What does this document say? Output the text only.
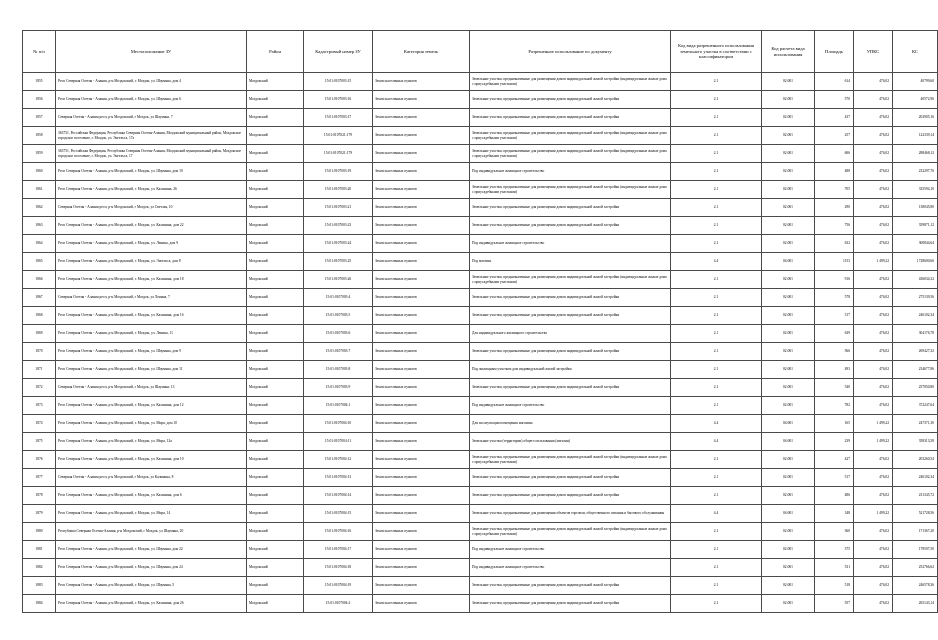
№ п/п	Местоположение ЗУ	Район	Кадастровый номер ЗУ	Категория земель	Разрешенное использование по документу	Код вида разрешенного использования земельного участка в соответствии с классификатором	Код расчета вида использования	Площадь	УПКС	КС

1855	Респ Северная Осетия - Алания, р-н Моздокский, г. Моздок, ул. Шаумяна, дом 4	Моздокский	15:01:0107003:15	Земли населенных пунктов	Земельные участки, предназначенные для размещения домов индивидуальной жилой застройки (индивидуальные жилые дома с приусадебными участками)	2.1	02:001	614	476,02	40799,60

1856	Респ Северная Осетия - Алания, р-н Моздокский, г. Моздок, ул. Шаумяна, дом 6	Моздокский	15:01:0107003:16	Земли населенных пунктов	Земельные участки, предназначенные для размещения домов индивидуальной жилой застройки	2.1	02:001	570	476,02	40572,96

1857	Северная Осетия - Алания респ, р-н Моздокский, г Моздок, ул Шаумяна, 7	Моздокский	15:01:0107003:17	Земли населенных пунктов	Земельные участки, предназначенные для размещения домов индивидуальной жилой застройки	2.1	02:001	437	476,02	202905,16

1858	363751, Российская Федерация, Республика Северная Осетия-Алания, Моздокский муниципальный район, Моздокское городское поселение, г. Моздок, ул. Энгельса, 17а	Моздокский	15:01:0107021:179	Земли населенных пунктов	Земельные участки, предназначенные для размещения домов индивидуальной жилой застройки (индивидуальные жилые дома с приусадебными участками)	2.1	02:001	257	476,02	122339,14

1859	363751, Российская Федерация, Республика Северная Осетия-Алания, Моздокский муниципальный район, Моздокское городское поселение, г. Моздок, ул. Энгельса, 17	Моздокский	15:01:0107021:179	Земли населенных пунктов	Земельные участки, предназначенные для размещения домов индивидуальной жилой застройки (индивидуальные жилые дома с приусадебными участками)	2.1	02:001	606	476,02	288468,12

1860	Респ Северная Осетия - Алания, р-н Моздокский, г. Моздок, ул. Шаумяна, дом 10	Моздокский	15:01:0107003:19	Земли населенных пунктов	Под индивидуальное жилищное строительство	2.1	02:001	488	476,02	232297,76

1861	Респ Северная Осетия - Алания, р-н Моздокский, г. Моздок, ул. Калинина, 26	Моздокский	15:01:0107003:20	Земли населенных пунктов	Земельные участки, предназначенные для размещения домов индивидуальной жилой застройки (индивидуальные жилые дома с приусадебными участками)	2.1	02:001	705	476,02	335594,10

1862	Северная Осетия - Алания респ, р-н Моздокский, г Моздок, ул Светлая, 10	Моздокский	15:01:0107003:21	Земли населенных пунктов	Земельные участки, предназначенные для размещения домов индивидуальной жилой застройки	2.1	02:001	290	476,02	138045,80

1863	Респ Северная Осетия - Алания, р-н Моздокский, г. Моздок, ул. Калинина, дом 22	Моздокский	15:01:0107003:23	Земли населенных пунктов	Земельные участки, предназначенные для размещения домов индивидуальной жилой застройки	2.1	02:001	756	476,02	359871,12

1864	Респ Северная Осетия - Алания, р-н Моздокский, г. Моздок, ул. Ленина, дом 9	Моздокский	15:01:0107003:24	Земли населенных пунктов	Под индивидуальное жилищное строительство	2.1	02:001	632	476,02	300844,64

1865	Респ Северная Осетия - Алания, р-н Моздокский, г. Моздок, ул. Энгельса, дом 8	Моздокский	15:01:0107003:25	Земли населенных пунктов	Под магазин	4.4	04:001	1153	1 499,22	1728600,66

1866	Респ Северная Осетия - Алания, р-н Моздокский, г. Моздок, ул. Калинина, дом 18	Моздокский	15:01:0107003:26	Земли населенных пунктов	Земельные участки, предназначенные для размещения домов индивидуальной жилой застройки (индивидуальные жилые дома с приусадебными участками)	2.1	02:001	916	476,02	436034,32

1867	Северная Осетия - Алания респ, р-н Моздокский, г Моздок, ул Ленина, 7	Моздокский	15:01:0107003:4	Земли населенных пунктов	Земельные участки, предназначенные для размещения домов индивидуальной жилой застройки	2.1	02:001	578	476,02	275139,56

1868	Респ Северная Осетия - Алания, р-н Моздокский, г. Моздок, ул. Калинина, дом 16	Моздокский	15:01:0107003:5	Земли населенных пунктов	Земельные участки, предназначенные для размещения домов индивидуальной жилой застройки	2.1	02:001	517	476,02	246102,34

1869	Респ Северная Осетия - Алания, р-н Моздокский, г. Моздок, ул. Ленина, 11	Моздокский	15:01:0107003:6	Земли населенных пунктов	Для индивидуального жилищного строительства	2.1	02:001	639	476,02	304176,78

1870	Респ Северная Осетия - Алания, р-н Моздокский, г. Моздок, ул. Шаумяна, дом 9	Моздокский	15:01:0107003:7	Земли населенных пунктов	Земельные участки, предназначенные для размещения домов индивидуальной жилой застройки	2.1	02:001	566	476,02	269427,32

1871	Респ Северная Осетия - Алания, р-н Моздокский, г. Моздок, ул. Шаумяна, дом 11	Моздокский	15:01:0107003:8	Земли населенных пунктов	Под жилищным участком дом индивидуальной жилой застройки	2.1	02:001	493	476,02	234677,86

1872	Северная Осетия - Алания респ, р-н Моздокский, г Моздок, ул Шаумяна, 13	Моздокский	15:01:0107003:9	Земли населенных пунктов	Земельные участки, предназначенные для размещения домов индивидуальной жилой застройки	2.1	02:001	540	476,02	257050,80

1873	Респ Северная Осетия - Алания, р-н Моздокский, г. Моздок, ул. Калинина, дом 12	Моздокский	15:01:0107004:1	Земли населенных пунктов	Под индивидуальное жилищное строительство	2.1	02:001	782	476,02	372247,64

1874	Респ Северная Осетия - Алания, р-н Моздокский, г. Моздок, ул. Мира, дом 10	Моздокский	15:01:0107004:10	Земли населенных пунктов	Для эксплуатации помещения магазина	4.4	04:001	165	1 499,22	247371,30

1875	Респ Северная Осетия - Алания, р-н Моздокский, г. Моздок, ул. Мира, 12а	Моздокский	15:01:0107004:11	Земли населенных пунктов	Земельные участки (территории) общего пользования (магазин)	4.4	04:001	239	1 499,22	358313,58

1876	Респ Северная Осетия - Алания, р-н Моздокский, г. Моздок, ул. Калинина, дом 10	Моздокский	15:01:0107004:12	Земли населенных пунктов	Земельные участки, предназначенные для размещения домов индивидуальной жилой застройки (индивидуальные жилые дома с приусадебными участками)	2.1	02:001	427	476,02	203260,54

1877	Северная Осетия - Алания респ, р-н Моздокский, г Моздок, ул Калинина, 8	Моздокский	15:01:0107004:13	Земли населенных пунктов	Земельные участки, предназначенные для размещения домов индивидуальной жилой застройки	2.1	02:001	517	476,02	246102,34

1878	Респ Северная Осетия - Алания, р-н Моздокский, г. Моздок, ул. Калинина, дом 6	Моздокский	15:01:0107004:14	Земли населенных пунктов	Земельные участки, предназначенные для размещения домов индивидуальной жилой застройки	2.1	02:001	486	476,02	231345,72

1879	Респ Северная Осетия - Алания, р-н Моздокский, г. Моздок, ул. Мира, 14	Моздокский	15:01:0107004:15	Земли населенных пунктов	Земельные участки, предназначенные для размещения объектов торговли, общественного питания и бытового обслуживания	4.4	04:001	348	1 499,22	521728,56

1880	Республика Северная Осетия-Алания, р-н Моздокский, г Моздок, ул Шаумяна, 20	Моздокский	15:01:0107004:16	Земли населенных пунктов	Земельные участки, предназначенные для размещения домов индивидуальной жилой застройки (индивидуальные жилые дома с приусадебными участками)	2.1	02:001	360	476,02	171367,20

1881	Респ Северная Осетия - Алания, р-н Моздокский, г. Моздок, ул. Шаумяна, дом 22	Моздокский	15:01:0107004:17	Земли населенных пунктов	Под индивидуальное жилищное строительство	2.1	02:001	375	476,02	178507,50

1882	Респ Северная Осетия - Алания, р-н Моздокский, г. Моздок, ул. Шаумяна, дом 24	Моздокский	15:01:0107004:18	Земли населенных пунктов	Под индивидуальное жилищное строительство	2.1	02:001	531	476,02	252766,62

1883	Респ Северная Осетия - Алания, р-н Моздокский, г. Моздок, ул. Шаумяна, 5	Моздокский	15:01:0107004:19	Земли населенных пунктов	Земельные участки, предназначенные для размещения домов индивидуальной жилой застройки	2.1	02:001	518	476,02	246578,36

1884	Респ Северная Осетия - Алания, р-н Моздокский, г. Моздок, ул. Калинина, дом 26	Моздокский	15:01:0107004:2	Земли населенных пунктов	Земельные участки, предназначенные для размещения домов индивидуальной жилой застройки	2.1	02:001	557	476,02	265143,14
